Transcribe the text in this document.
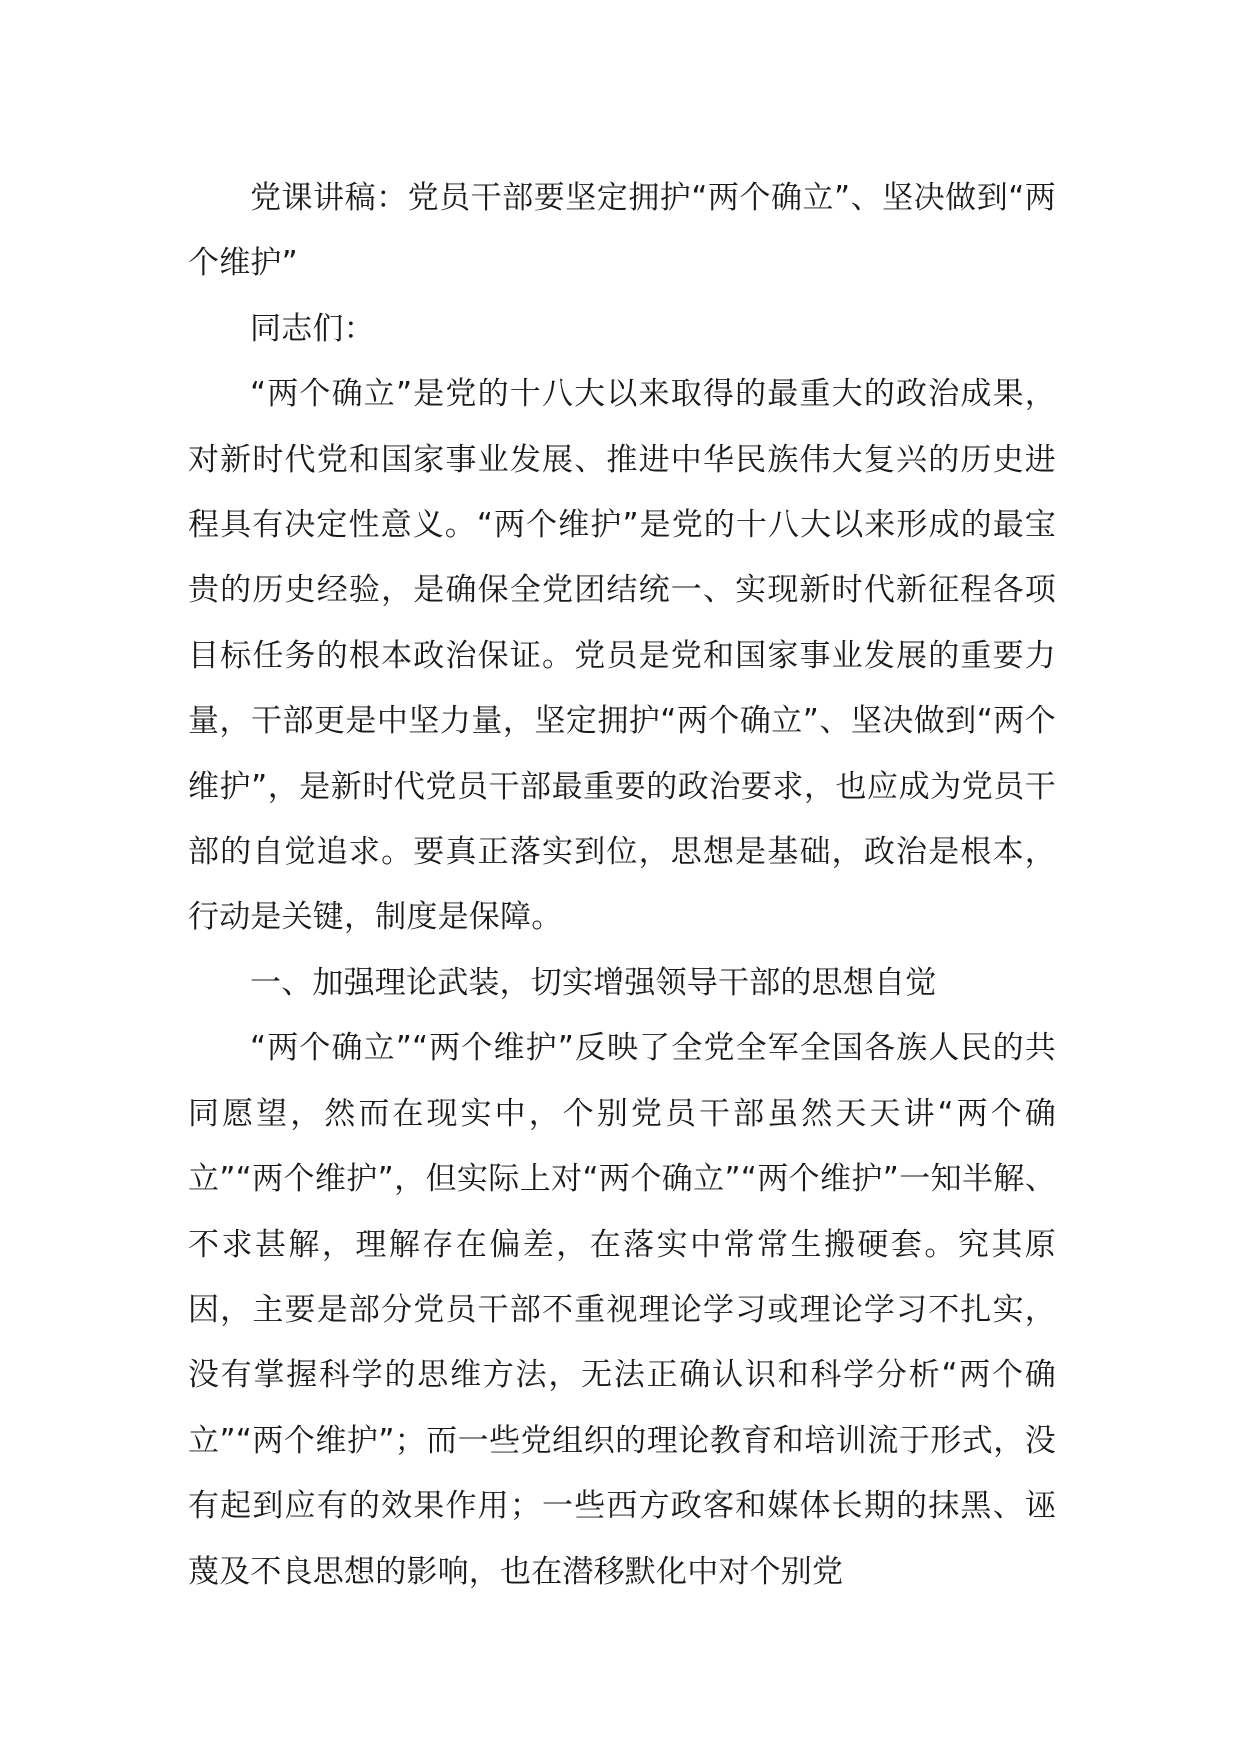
党课讲稿：党员干部要坚定拥护“两个确立”、坚决做到“两个维护”

同志们：

“两个确立”是党的十八大以来取得的最重大的政治成果，对新时代党和国家事业发展、推进中华民族伟大复兴的历史进程具有决定性意义。“两个维护”是党的十八大以来形成的最宝贵的历史经验，是确保全党团结统一、实现新时代新征程各项目标任务的根本政治保证。党员是党和国家事业发展的重要力量，干部更是中坚力量，坚定拥护“两个确立”、坚决做到“两个维护”，是新时代党员干部最重要的政治要求，也应成为党员干部的自觉追求。要真正落实到位，思想是基础，政治是根本，行动是关键，制度是保障。

一、加强理论武装，切实增强领导干部的思想自觉

“两个确立”“两个维护”反映了全党全军全国各族人民的共同愿望，然而在现实中，个别党员干部虽然天天讲“两个确立”“两个维护”，但实际上对“两个确立”“两个维护”一知半解、不求甚解，理解存在偏差，在落实中常常生搬硬套。究其原因，主要是部分党员干部不重视理论学习或理论学习不扎实，没有掌握科学的思维方法，无法正确认识和科学分析“两个确立”“两个维护”；而一些党组织的理论教育和培训流于形式，没有起到应有的效果作用；一些西方政客和媒体长期的抹黑、诬蔑及不良思想的影响，也在潜移默化中对个别党
